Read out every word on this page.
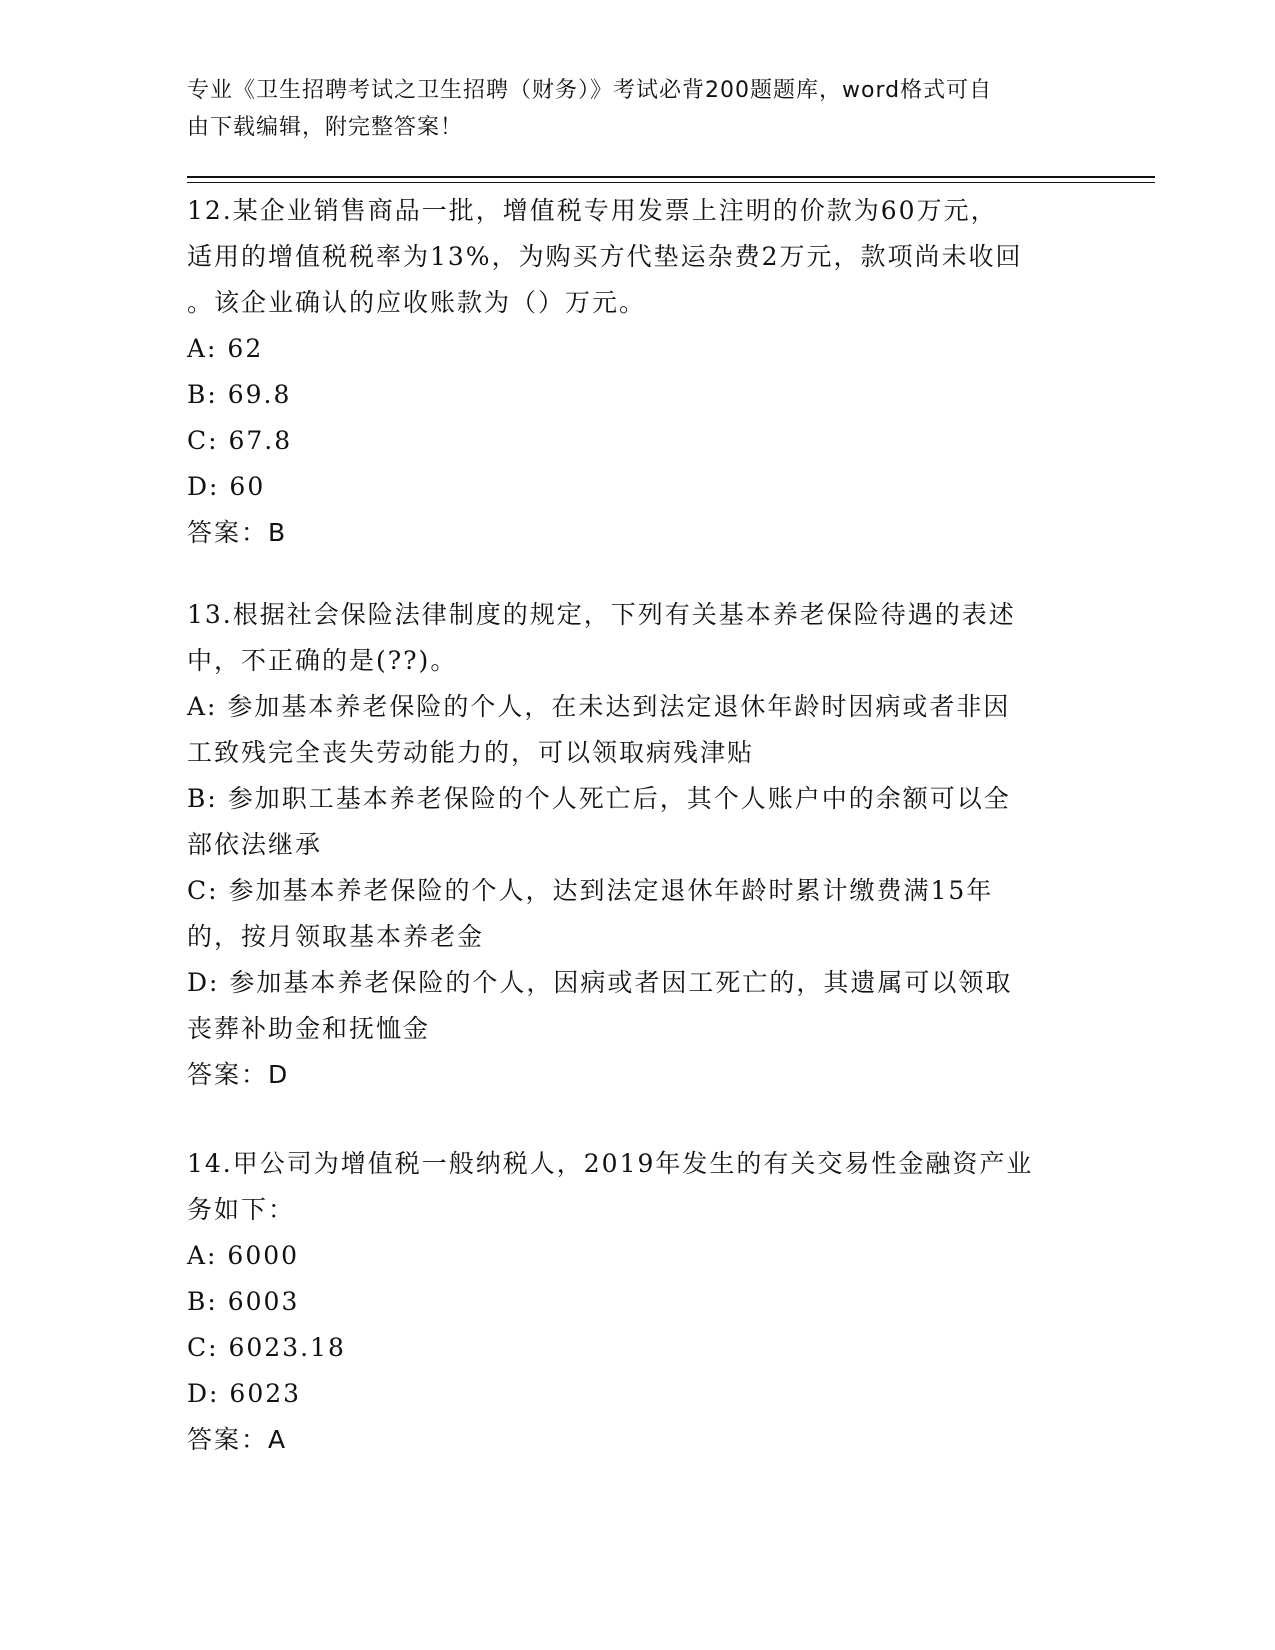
专业《卫生招聘考试之卫生招聘（财务）》考试必背200题题库，word格式可自
由下载编辑，附完整答案！
12.某企业销售商品一批，增值税专用发票上注明的价款为60万元，
适用的增值税税率为13%，为购买方代垫运杂费2万元，款项尚未收回
。该企业确认的应收账款为（）万元。
A: 62
B: 69.8
C: 67.8
D: 60
答案：B
13.根据社会保险法律制度的规定，下列有关基本养老保险待遇的表述
中，不正确的是(??)。
A: 参加基本养老保险的个人，在未达到法定退休年龄时因病或者非因
工致残完全丧失劳动能力的，可以领取病残津贴
B: 参加职工基本养老保险的个人死亡后，其个人账户中的余额可以全
部依法继承
C: 参加基本养老保险的个人，达到法定退休年龄时累计缴费满15年
的，按月领取基本养老金
D: 参加基本养老保险的个人，因病或者因工死亡的，其遗属可以领取
丧葬补助金和抚恤金
答案：D
14.甲公司为增值税一般纳税人，2019年发生的有关交易性金融资产业
务如下：
A: 6000
B: 6003
C: 6023.18
D: 6023
答案：A
